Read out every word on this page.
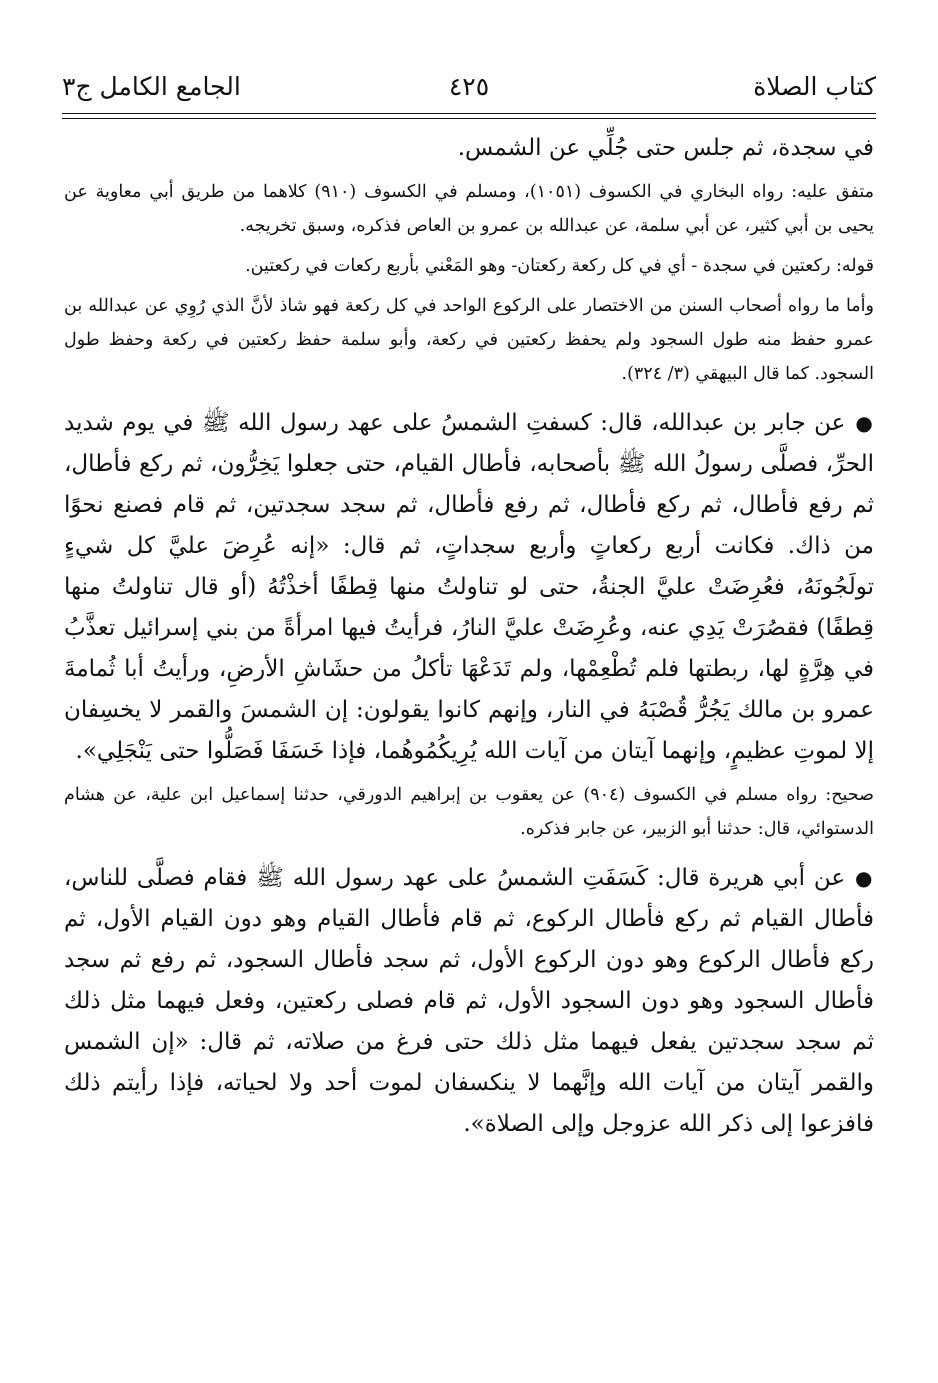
كتاب الصلاة
٤٢٥
الجامع الكامل ج٣

في سجدة، ثم جلس حتى جُلِّي عن الشمس.

متفق عليه: رواه البخاري في الكسوف (١٠٥١)، ومسلم في الكسوف (٩١٠) كلاهما من طريق أبي معاوية عن يحيى بن أبي كثير، عن أبي سلمة، عن عبدالله بن عمرو بن العاص فذكره، وسبق تخريجه.

قوله: ركعتين في سجدة - أي في كل ركعة ركعتان- وهو المَعْني بأربع ركعات في ركعتين.

وأما ما رواه أصحاب السنن من الاختصار على الركوع الواحد في كل ركعة فهو شاذ لأنَّ الذي رُوِي عن عبدالله بن عمرو حفظ منه طول السجود ولم يحفظ ركعتين في ركعة، وأبو سلمة حفظ ركعتين في ركعة وحفظ طول السجود. كما قال البيهقي (٣/ ٣٢٤).

●عن جابر بن عبدالله، قال: كسفتِ الشمسُ على عهد رسول الله ﷺ في يوم شديد الحرِّ، فصلَّى رسولُ الله ﷺ بأصحابه، فأطال القيام، حتى جعلوا يَخِرُّون، ثم ركع فأطال، ثم رفع فأطال، ثم ركع فأطال، ثم رفع فأطال، ثم سجد سجدتين، ثم قام فصنع نحوًا من ذاك. فكانت أربع ركعاتٍ وأربع سجداتٍ، ثم قال: «إنه عُرِضَ عليَّ كل شيءٍ تولَجُونَهُ، فعُرِضَتْ عليَّ الجنةُ، حتى لو تناولتُ منها قِطفًا أخذْتُهُ (أو قال تناولتُ منها قِطفًا) فقصُرَتْ يَدِي عنه، وعُرِضَتْ عليَّ النارُ، فرأيتُ فيها امرأةً من بني إسرائيل تعذَّبُ في هِرَّةٍ لها، ربطتها فلم تُطْعِمْها، ولم تَدَعْهَا تأكلُ من حشَاشِ الأرضِ، ورأيتُ أبا ثُمامةَ عمرو بن مالك يَجُرُّ قُصْبَهُ في النار، وإنهم كانوا يقولون: إن الشمسَ والقمر لا يخسِفان إلا لموتِ عظيمٍ، وإنهما آيتان من آيات الله يُرِيكُمُوهُما، فإذا خَسَفَا فَصَلُّوا حتى يَنْجَلِي».

صحيح: رواه مسلم في الكسوف (٩٠٤) عن يعقوب بن إبراهيم الدورقي، حدثنا إسماعيل ابن علية، عن هشام الدستوائي، قال: حدثنا أبو الزبير، عن جابر فذكره.

●عن أبي هريرة قال: كَسَفَتِ الشمسُ على عهد رسول الله ﷺ فقام فصلَّى للناس، فأطال القيام ثم ركع فأطال الركوع، ثم قام فأطال القيام وهو دون القيام الأول، ثم ركع فأطال الركوع وهو دون الركوع الأول، ثم سجد فأطال السجود، ثم رفع ثم سجد فأطال السجود وهو دون السجود الأول، ثم قام فصلى ركعتين، وفعل فيهما مثل ذلك ثم سجد سجدتين يفعل فيهما مثل ذلك حتى فرغ من صلاته، ثم قال: «إن الشمس والقمر آيتان من آيات الله وإنَّهما لا ينكسفان لموت أحد ولا لحياته، فإذا رأيتم ذلك فافزعوا إلى ذكر الله عزوجل وإلى الصلاة».
